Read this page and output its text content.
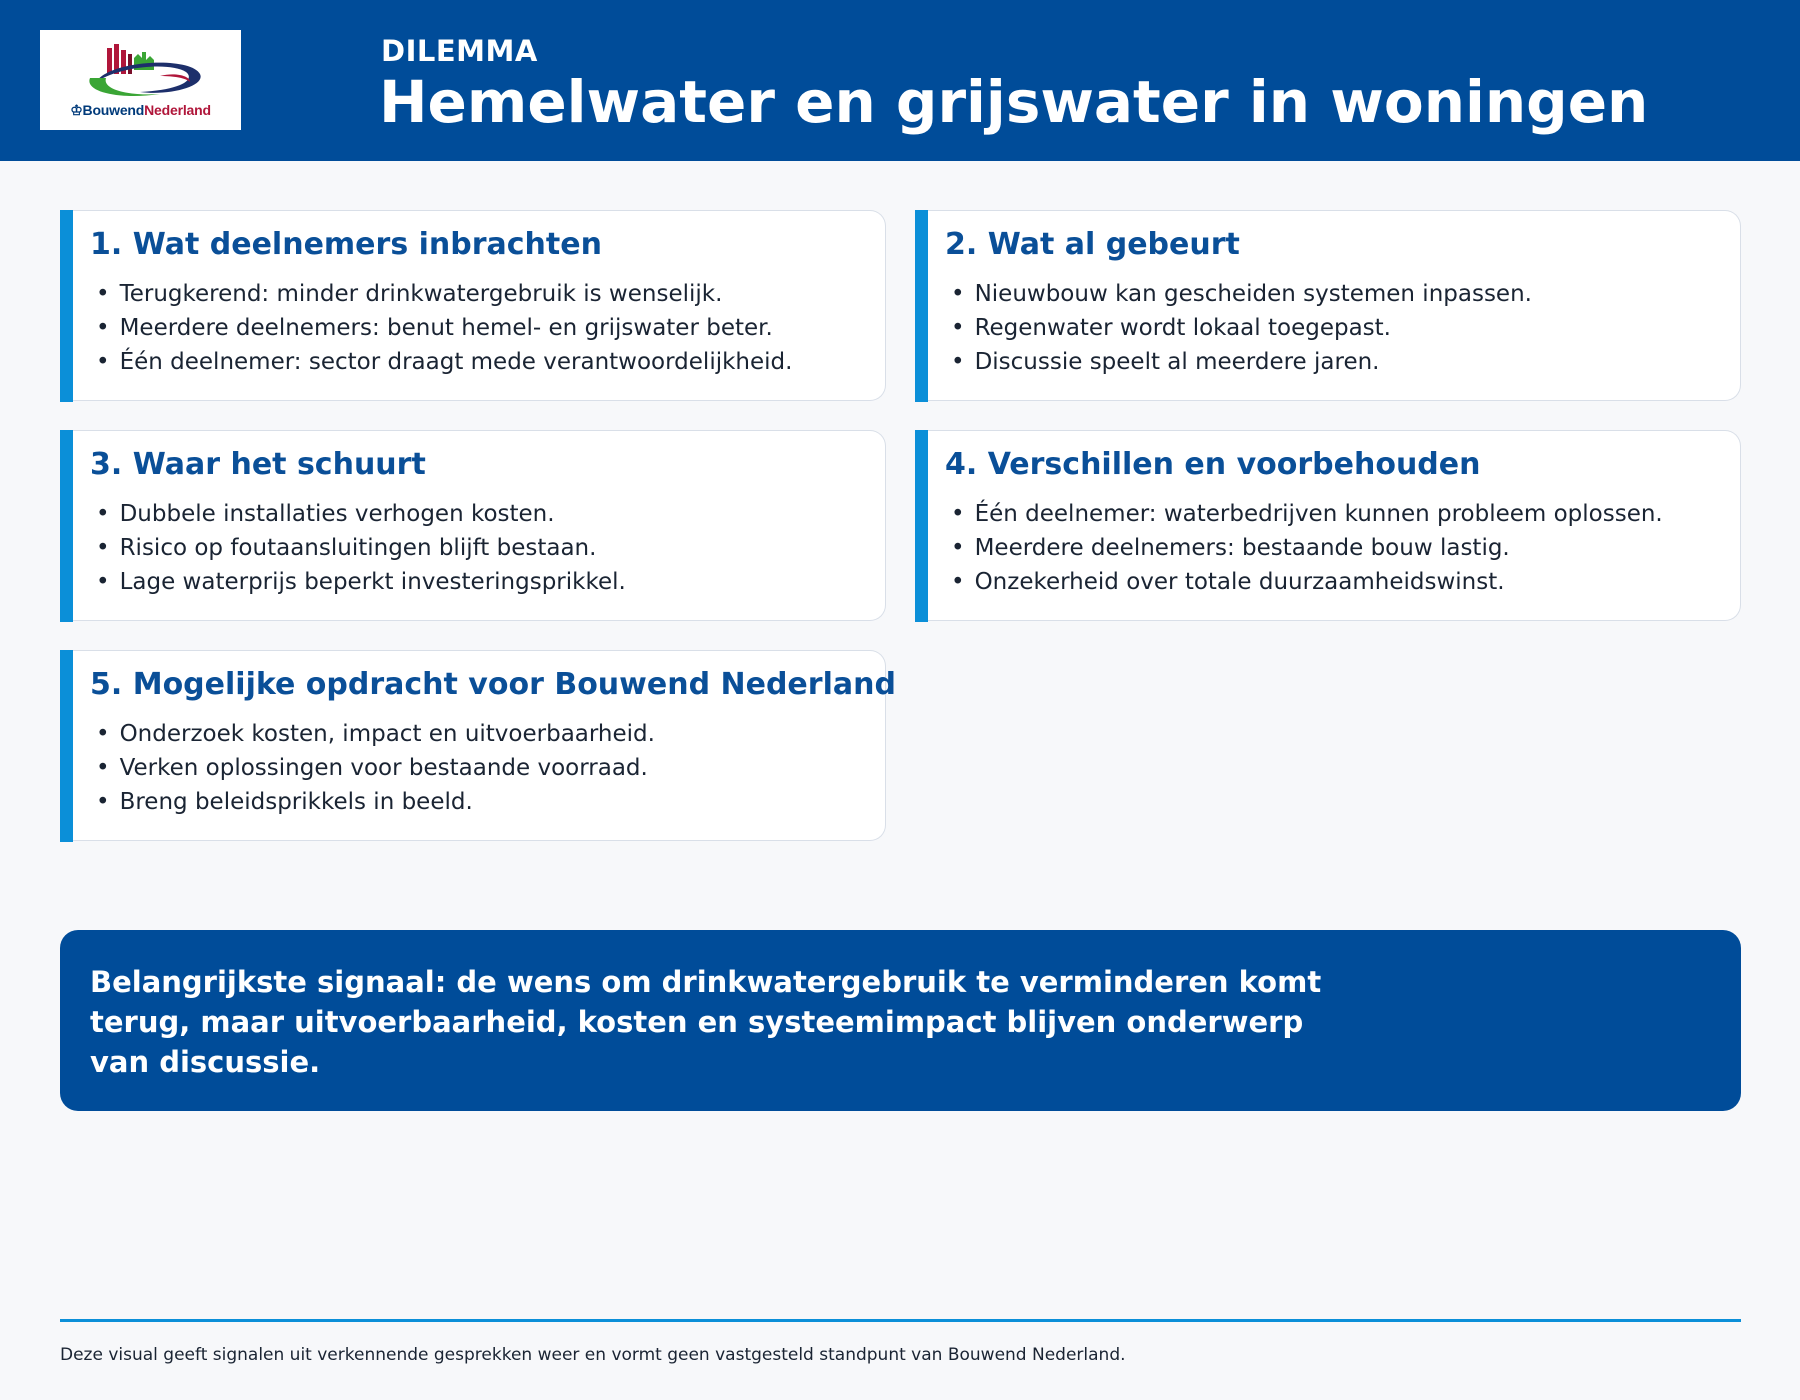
♔BouwendNederland
DILEMMA
Hemelwater en grijswater in woningen
1. Wat deelnemers inbrachten
• Terugkerend: minder drinkwatergebruik is wenselijk.
• Meerdere deelnemers: benut hemel- en grijswater beter.
• Één deelnemer: sector draagt mede verantwoordelijkheid.
2. Wat al gebeurt
• Nieuwbouw kan gescheiden systemen inpassen.
• Regenwater wordt lokaal toegepast.
• Discussie speelt al meerdere jaren.
3. Waar het schuurt
• Dubbele installaties verhogen kosten.
• Risico op foutaansluitingen blijft bestaan.
• Lage waterprijs beperkt investeringsprikkel.
4. Verschillen en voorbehouden
• Één deelnemer: waterbedrijven kunnen probleem oplossen.
• Meerdere deelnemers: bestaande bouw lastig.
• Onzekerheid over totale duurzaamheidswinst.
5. Mogelijke opdracht voor Bouwend Nederland
• Onderzoek kosten, impact en uitvoerbaarheid.
• Verken oplossingen voor bestaande voorraad.
• Breng beleidsprikkels in beeld.

Belangrijkste signaal: de wens om drinkwatergebruik te verminderen komt terug, maar uitvoerbaarheid, kosten en systeemimpact blijven onderwerp van discussie.

Deze visual geeft signalen uit verkennende gesprekken weer en vormt geen vastgesteld standpunt van Bouwend Nederland.
